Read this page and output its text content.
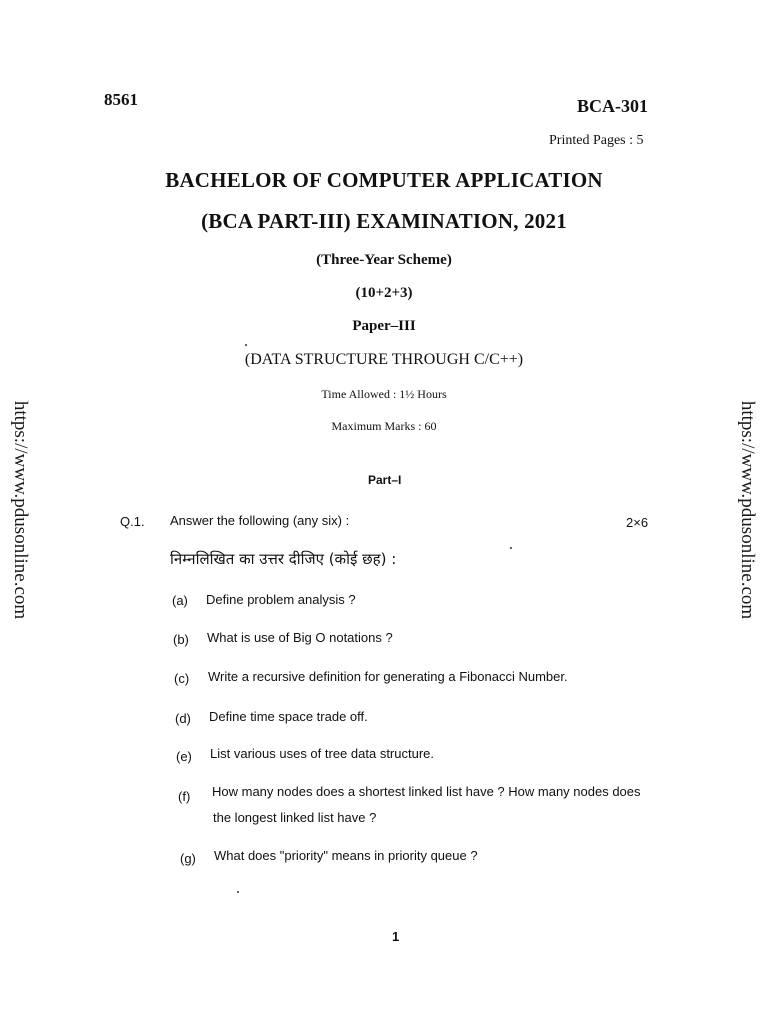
8561	BCA-301
Printed Pages : 5
BACHELOR OF COMPUTER APPLICATION
(BCA PART-III) EXAMINATION, 2021
(Three-Year Scheme)
(10+2+3)
Paper–III
(DATA STRUCTURE THROUGH C/C++)
Time Allowed : 1½ Hours
Maximum Marks : 60
https://www.pdusonline.com	https://www.pdusonline.com
Part–I
Q.1. Answer the following (any six) :	2×6
निम्नलिखित का उत्तर दीजिए (कोई छह) :
(a) Define problem analysis ?
(b) What is use of Big O notations ?
(c) Write a recursive definition for generating a Fibonacci Number.
(d) Define time space trade off.
(e) List various uses of tree data structure.
(f) How many nodes does a shortest linked list have ? How many nodes does
the longest linked list have ?
(g) What does "priority" means in priority queue ?
1
